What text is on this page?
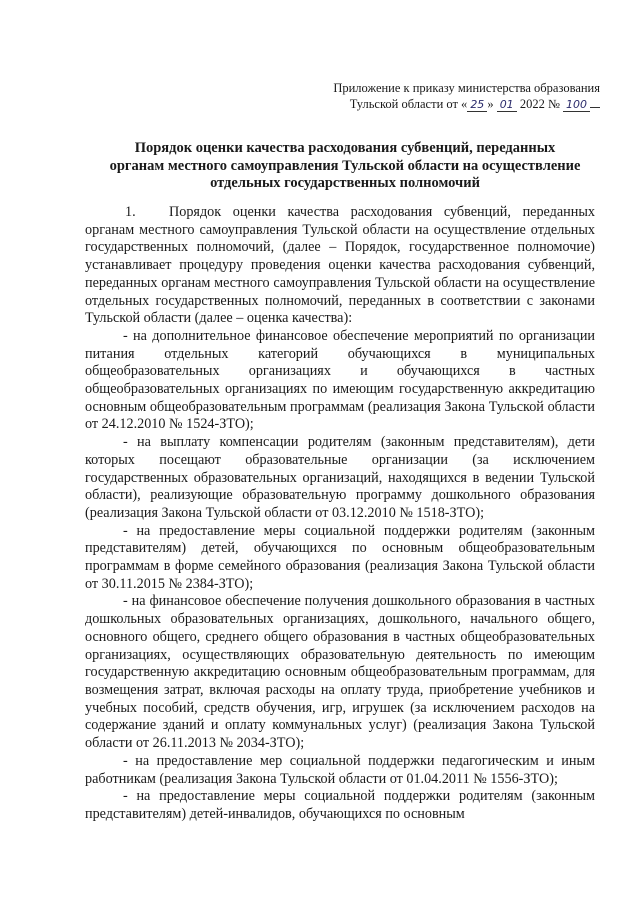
Приложение к приказу министерства образования
Тульской области от « 25 » 01 2022 № 100
Порядок оценки качества расходования субвенций, переданных
органам местного самоуправления Тульской области на осуществление
отдельных государственных полномочий

1. Порядок оценки качества расходования субвенций, переданных органам местного самоуправления Тульской области на осуществление отдельных государственных полномочий, (далее – Порядок, государственное полномочие) устанавливает процедуру проведения оценки качества расходования субвенций, переданных органам местного самоуправления Тульской области на осуществление отдельных государственных полномочий, переданных в соответствии с законами Тульской области (далее – оценка качества):

- на дополнительное финансовое обеспечение мероприятий по организации питания отдельных категорий обучающихся в муниципальных общеобразовательных организациях и обучающихся в частных общеобразовательных организациях по имеющим государственную аккредитацию основным общеобразовательным программам (реализация Закона Тульской области от 24.12.2010 № 1524-ЗТО);

- на выплату компенсации родителям (законным представителям), дети которых посещают образовательные организации (за исключением государственных образовательных организаций, находящихся в ведении Тульской области), реализующие образовательную программу дошкольного образования (реализация Закона Тульской области от 03.12.2010 № 1518-ЗТО);

- на предоставление меры социальной поддержки родителям (законным представителям) детей, обучающихся по основным общеобразовательным программам в форме семейного образования (реализация Закона Тульской области от 30.11.2015 № 2384-ЗТО);

- на финансовое обеспечение получения дошкольного образования в частных дошкольных образовательных организациях, дошкольного, начального общего, основного общего, среднего общего образования в частных общеобразовательных организациях, осуществляющих образовательную деятельность по имеющим государственную аккредитацию основным общеобразовательным программам, для возмещения затрат, включая расходы на оплату труда, приобретение учебников и учебных пособий, средств обучения, игр, игрушек (за исключением расходов на содержание зданий и оплату коммунальных услуг) (реализация Закона Тульской области от 26.11.2013 № 2034-ЗТО);

- на предоставление мер социальной поддержки педагогическим и иным работникам (реализация Закона Тульской области от 01.04.2011 № 1556-ЗТО);

- на предоставление меры социальной поддержки родителям (законным представителям) детей-инвалидов, обучающихся по основным
